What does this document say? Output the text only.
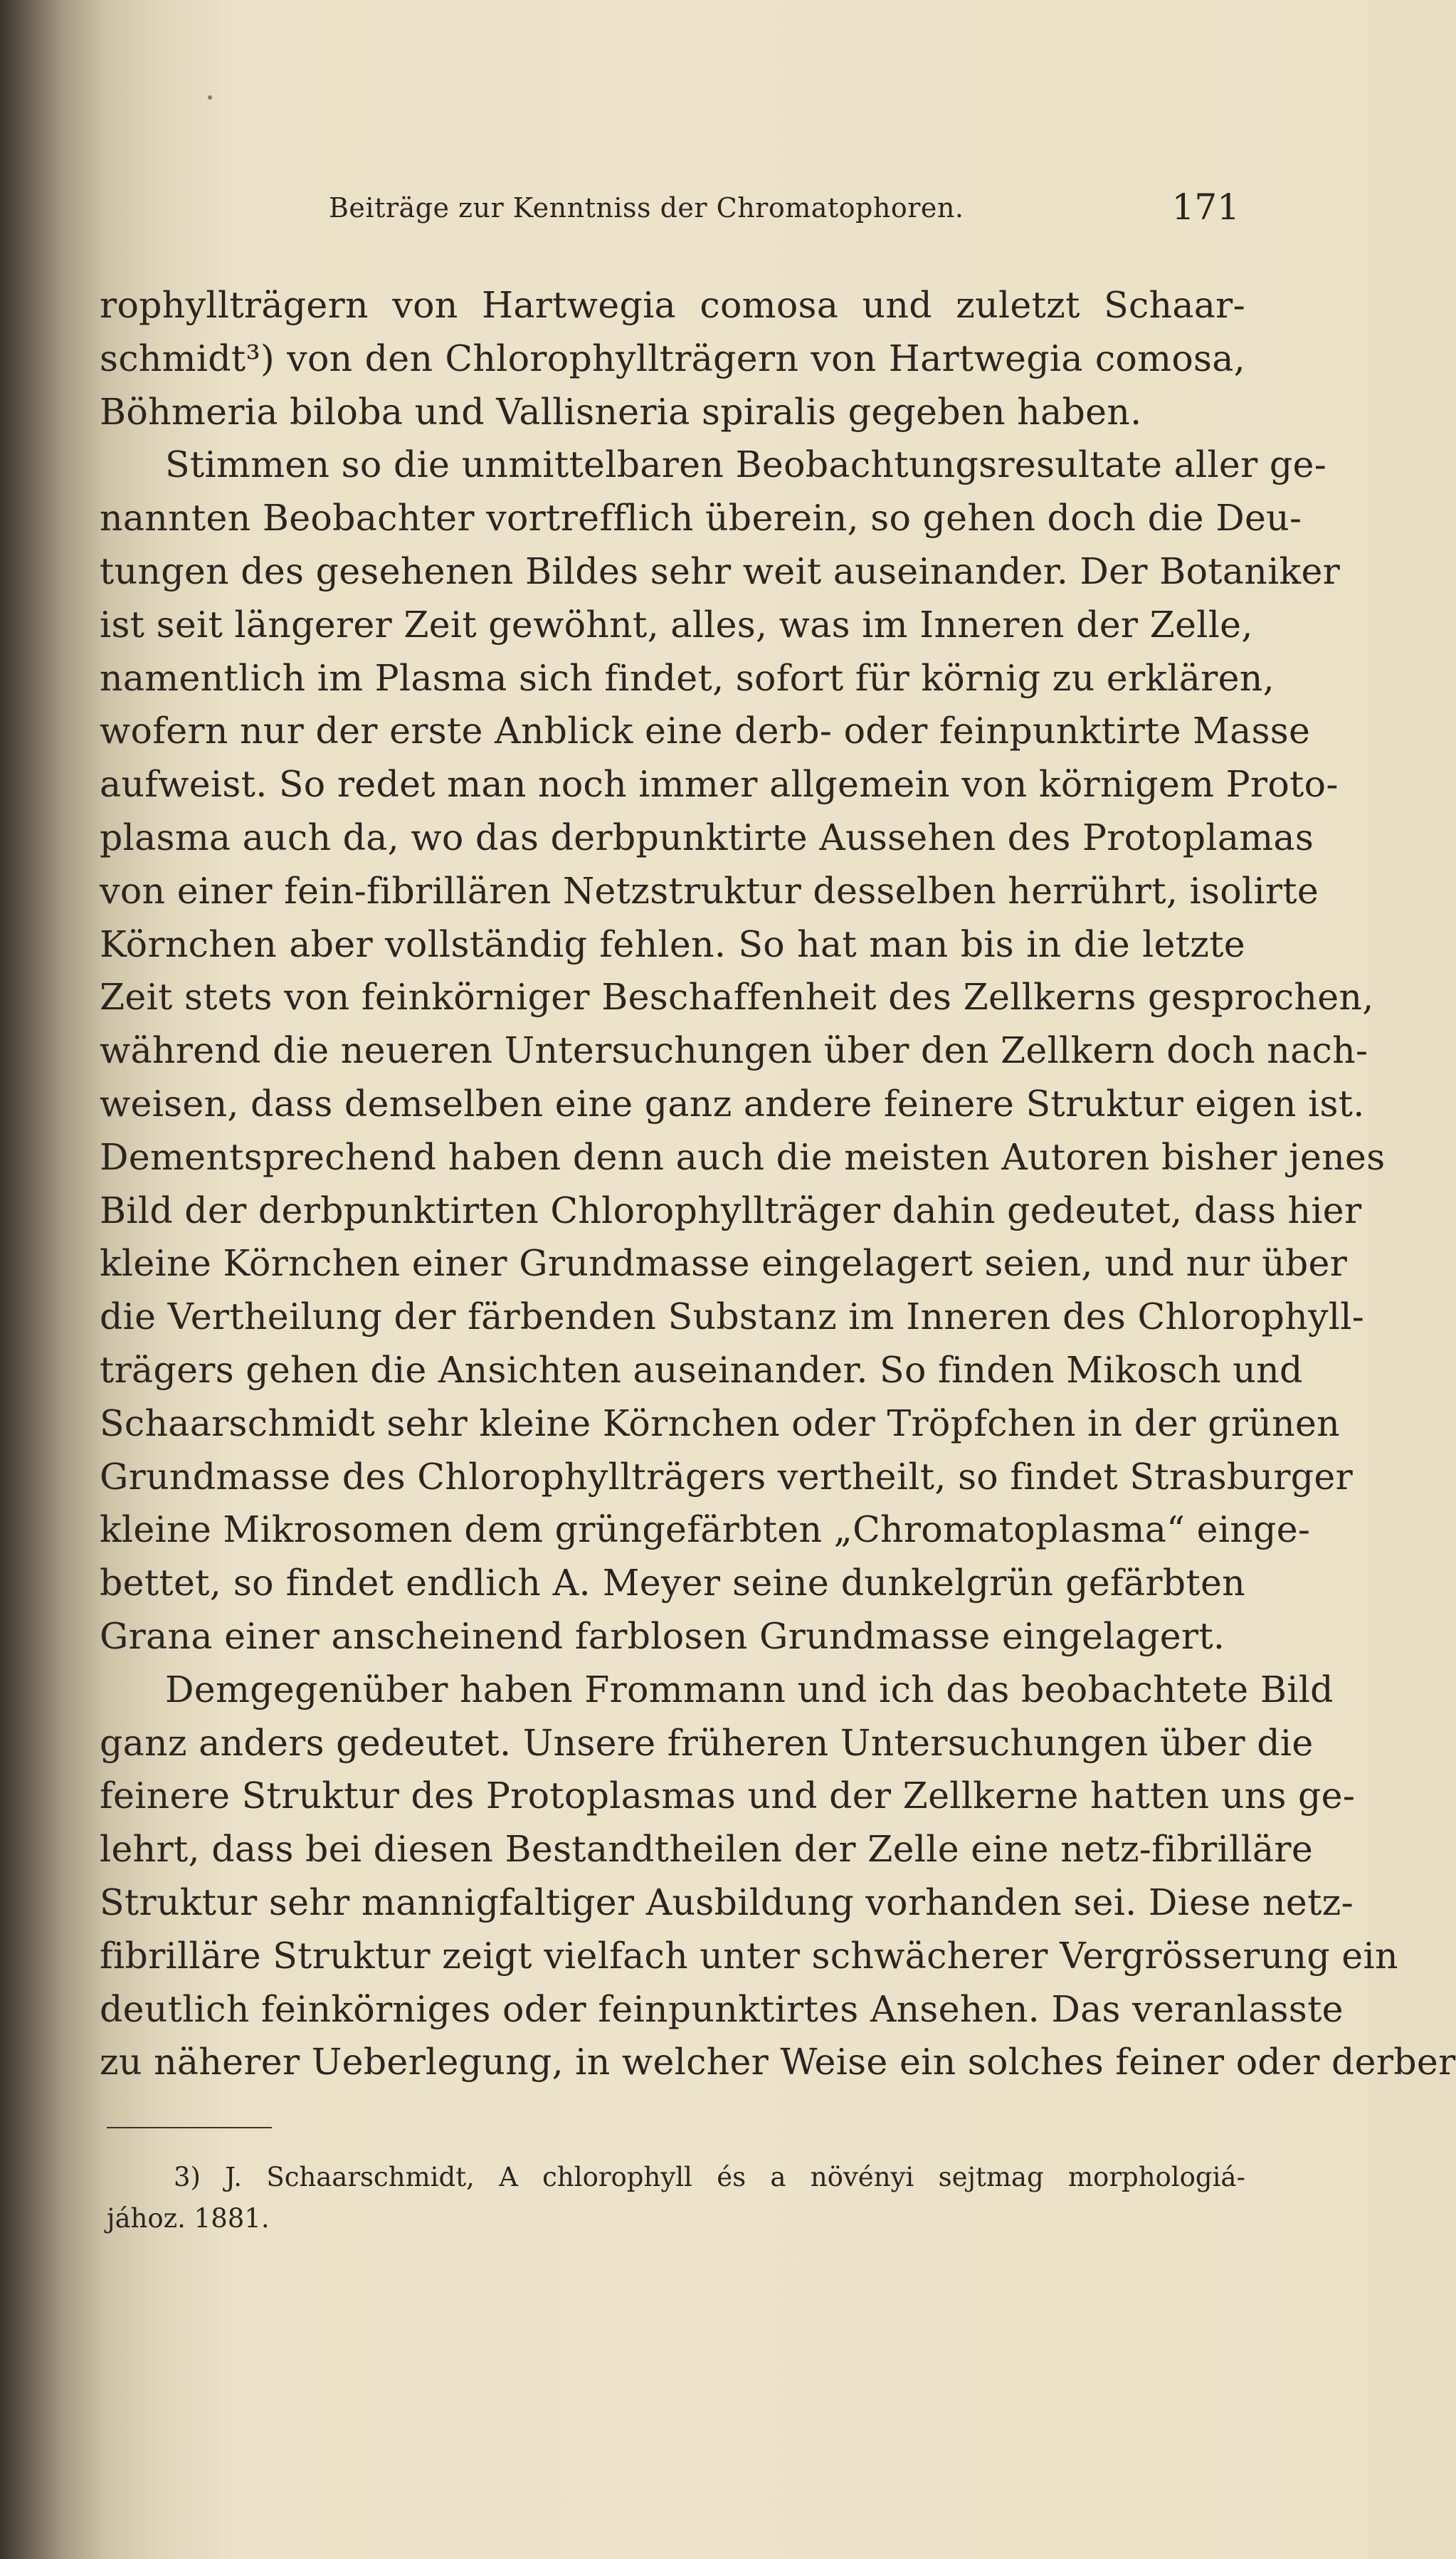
Beiträge zur Kenntniss der Chromatophoren.	171
rophyllträgern von Hartwegia comosa und zuletzt Schaar-
schmidt³) von den Chlorophyllträgern von Hartwegia comosa,
Böhmeria biloba und Vallisneria spiralis gegeben haben.
Stimmen so die unmittelbaren Beobachtungsresultate aller ge-
nannten Beobachter vortrefflich überein, so gehen doch die Deu-
tungen des gesehenen Bildes sehr weit auseinander. Der Botaniker
ist seit längerer Zeit gewöhnt, alles, was im Inneren der Zelle,
namentlich im Plasma sich findet, sofort für körnig zu erklären,
wofern nur der erste Anblick eine derb- oder feinpunktirte Masse
aufweist. So redet man noch immer allgemein von körnigem Proto-
plasma auch da, wo das derbpunktirte Aussehen des Protoplamas
von einer fein-fibrillären Netzstruktur desselben herrührt, isolirte
Körnchen aber vollständig fehlen. So hat man bis in die letzte
Zeit stets von feinkörniger Beschaffenheit des Zellkerns gesprochen,
während die neueren Untersuchungen über den Zellkern doch nach-
weisen, dass demselben eine ganz andere feinere Struktur eigen ist.
Dementsprechend haben denn auch die meisten Autoren bisher jenes
Bild der derbpunktirten Chlorophyllträger dahin gedeutet, dass hier
kleine Körnchen einer Grundmasse eingelagert seien, und nur über
die Vertheilung der färbenden Substanz im Inneren des Chlorophyll-
trägers gehen die Ansichten auseinander. So finden Mikosch und
Schaarschmidt sehr kleine Körnchen oder Tröpfchen in der grünen
Grundmasse des Chlorophyllträgers vertheilt, so findet Strasburger
kleine Mikrosomen dem grüngefärbten „Chromatoplasma“ einge-
bettet, so findet endlich A. Meyer seine dunkelgrün gefärbten
Grana einer anscheinend farblosen Grundmasse eingelagert.
Demgegenüber haben Frommann und ich das beobachtete Bild
ganz anders gedeutet. Unsere früheren Untersuchungen über die
feinere Struktur des Protoplasmas und der Zellkerne hatten uns ge-
lehrt, dass bei diesen Bestandtheilen der Zelle eine netz-fibrilläre
Struktur sehr mannigfaltiger Ausbildung vorhanden sei. Diese netz-
fibrilläre Struktur zeigt vielfach unter schwächerer Vergrösserung ein
deutlich feinkörniges oder feinpunktirtes Ansehen. Das veranlasste
zu näherer Ueberlegung, in welcher Weise ein solches feiner oder derber
3) J. Schaarschmidt, A chlorophyll és a növényi sejtmag morphologiá-
jához. 1881.
